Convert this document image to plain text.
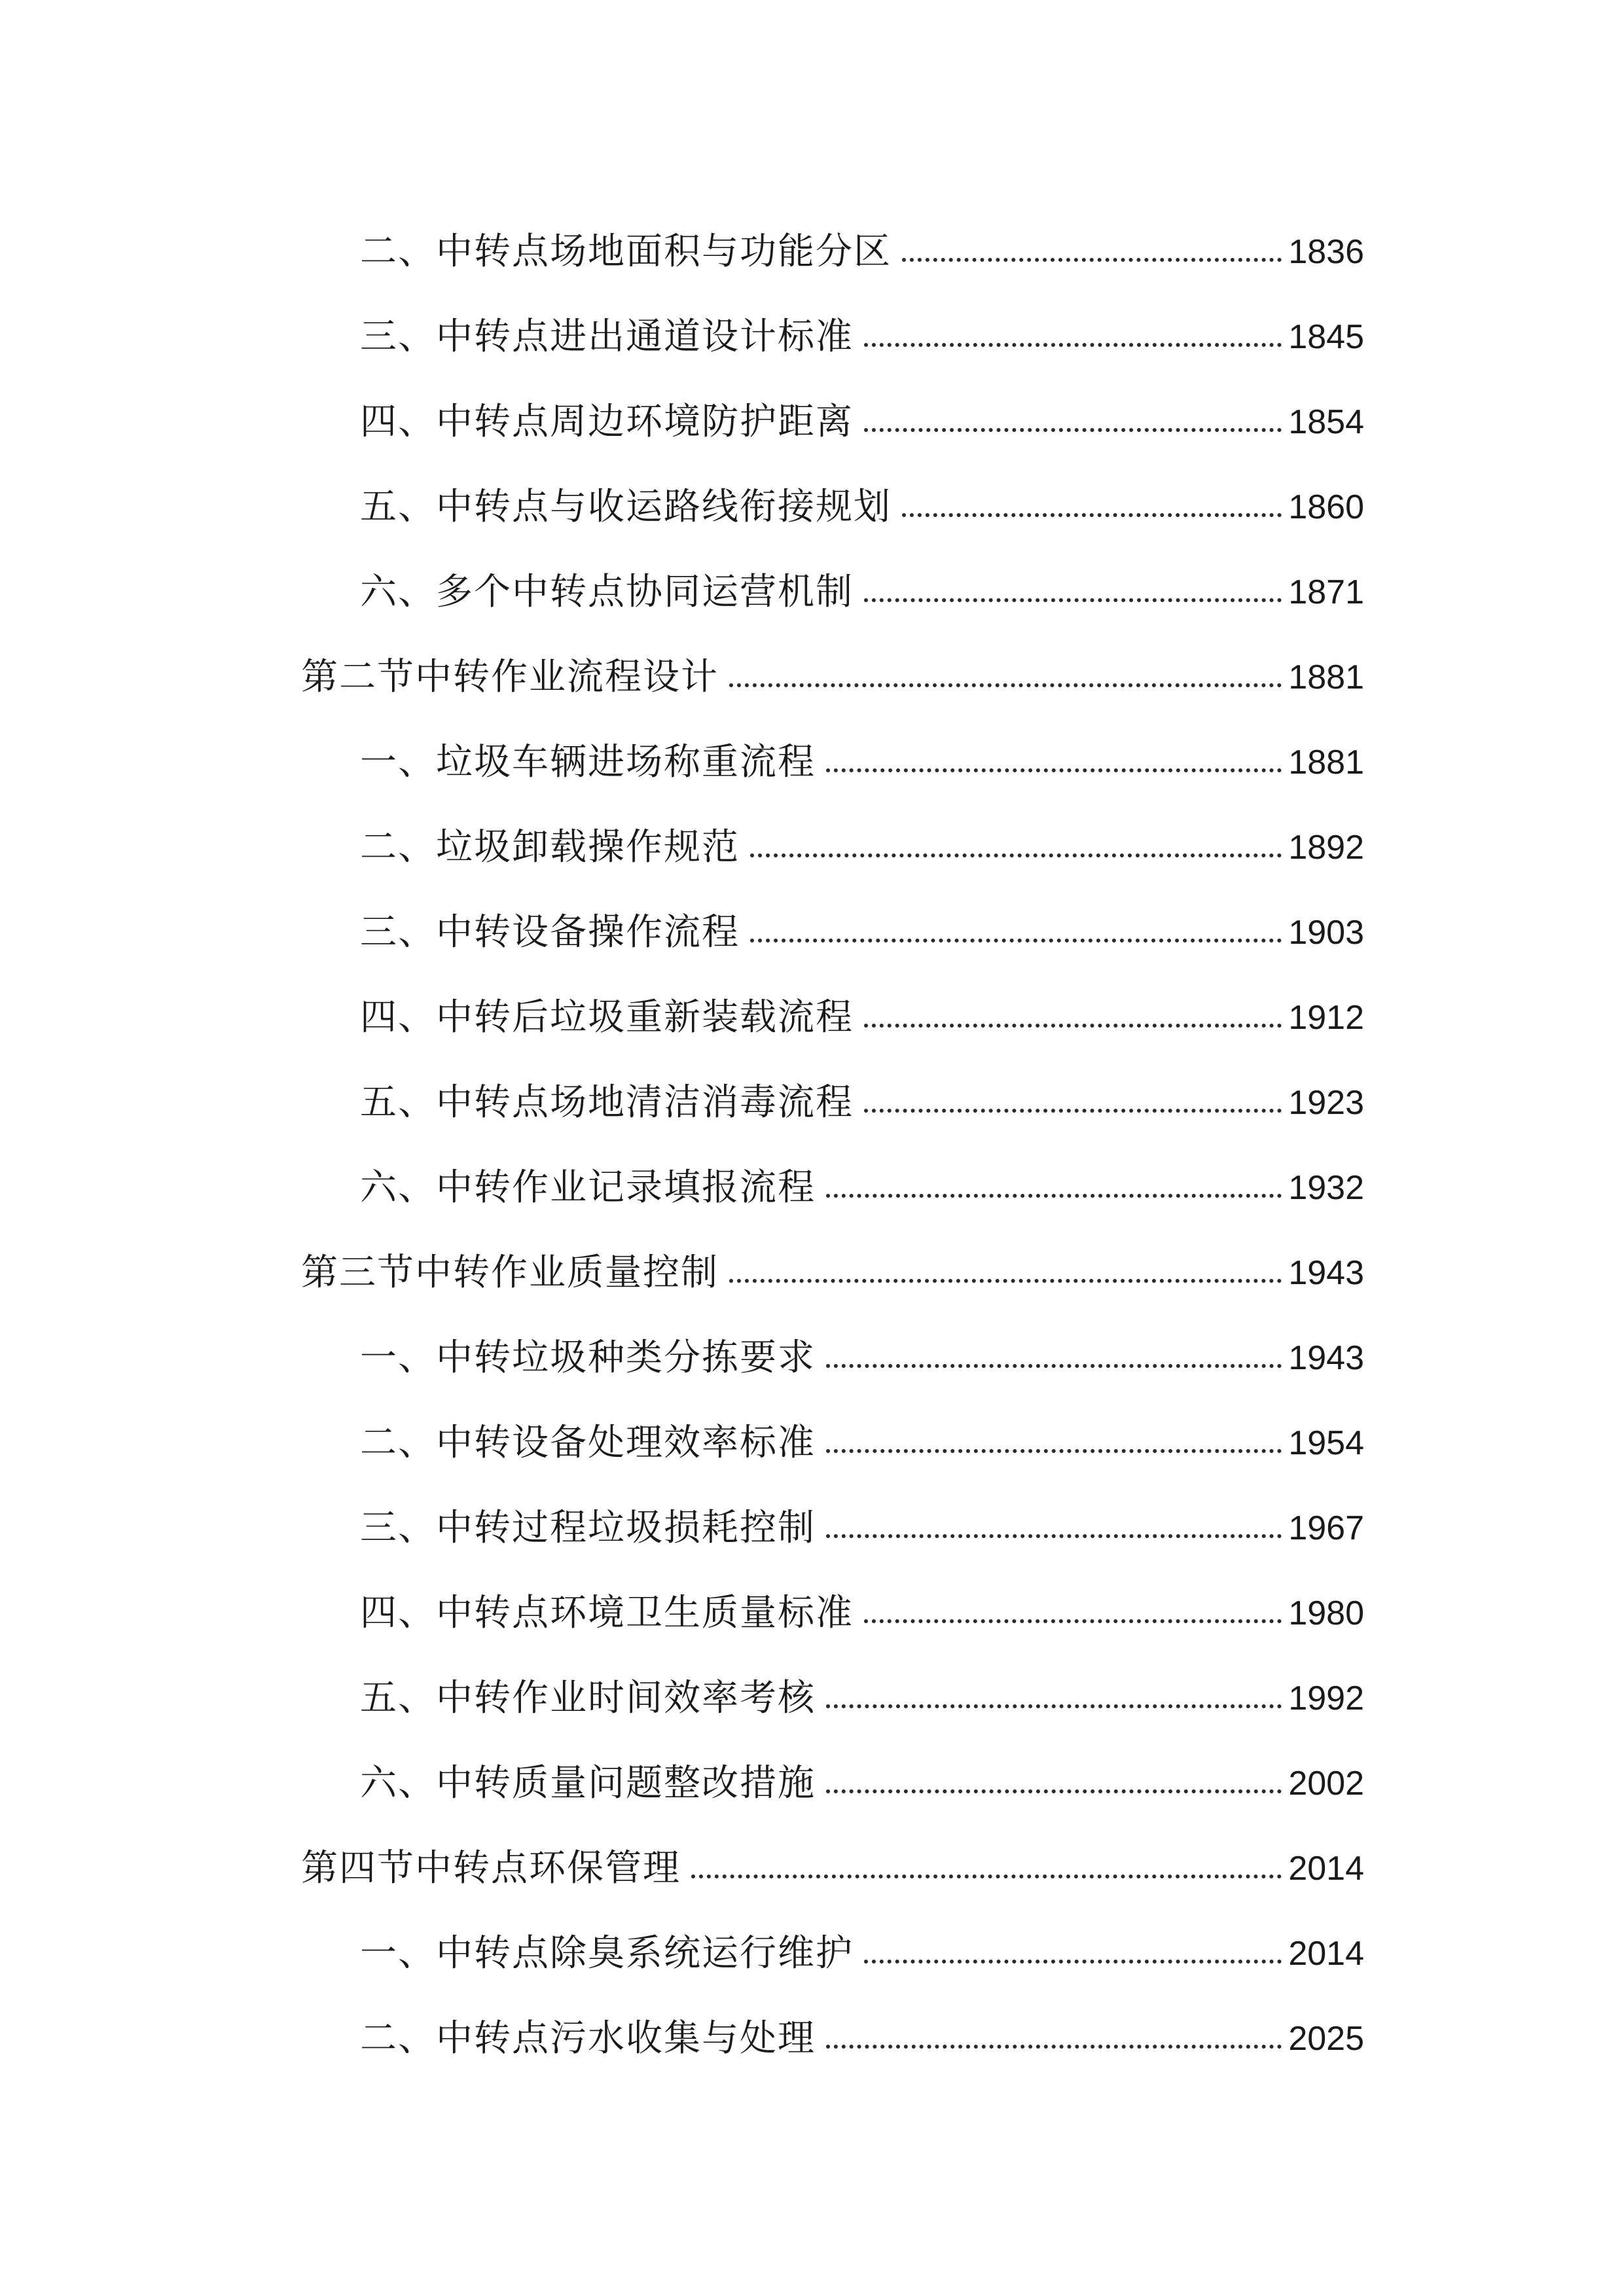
二、中转点场地面积与功能分区	1836
三、中转点进出通道设计标准	1845
四、中转点周边环境防护距离	1854
五、中转点与收运路线衔接规划	1860
六、多个中转点协同运营机制	1871
第二节中转作业流程设计	1881
一、垃圾车辆进场称重流程	1881
二、垃圾卸载操作规范	1892
三、中转设备操作流程	1903
四、中转后垃圾重新装载流程	1912
五、中转点场地清洁消毒流程	1923
六、中转作业记录填报流程	1932
第三节中转作业质量控制	1943
一、中转垃圾种类分拣要求	1943
二、中转设备处理效率标准	1954
三、中转过程垃圾损耗控制	1967
四、中转点环境卫生质量标准	1980
五、中转作业时间效率考核	1992
六、中转质量问题整改措施	2002
第四节中转点环保管理	2014
一、中转点除臭系统运行维护	2014
二、中转点污水收集与处理	2025
